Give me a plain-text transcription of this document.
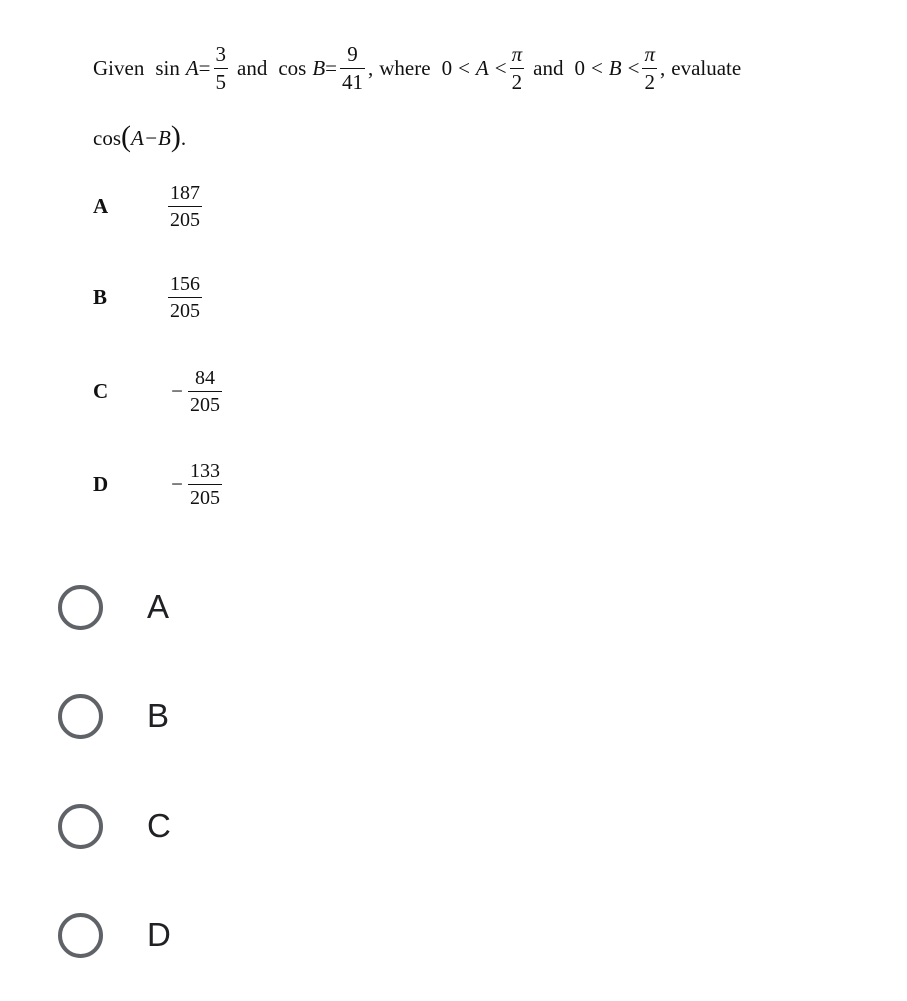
Given $\sin A = \frac{3}{5}$ and $\cos B = \frac{9}{41}$ , where $0 < A < \frac{\pi}{2}$ and $0 < B < \frac{\pi}{2}$ , evaluate
cos ( A−B ) .
A	$\frac{187}{205}$
B	$\frac{156}{205}$
C	− $\frac{84}{205}$
D	− $\frac{133}{205}$
A
B
C
D
